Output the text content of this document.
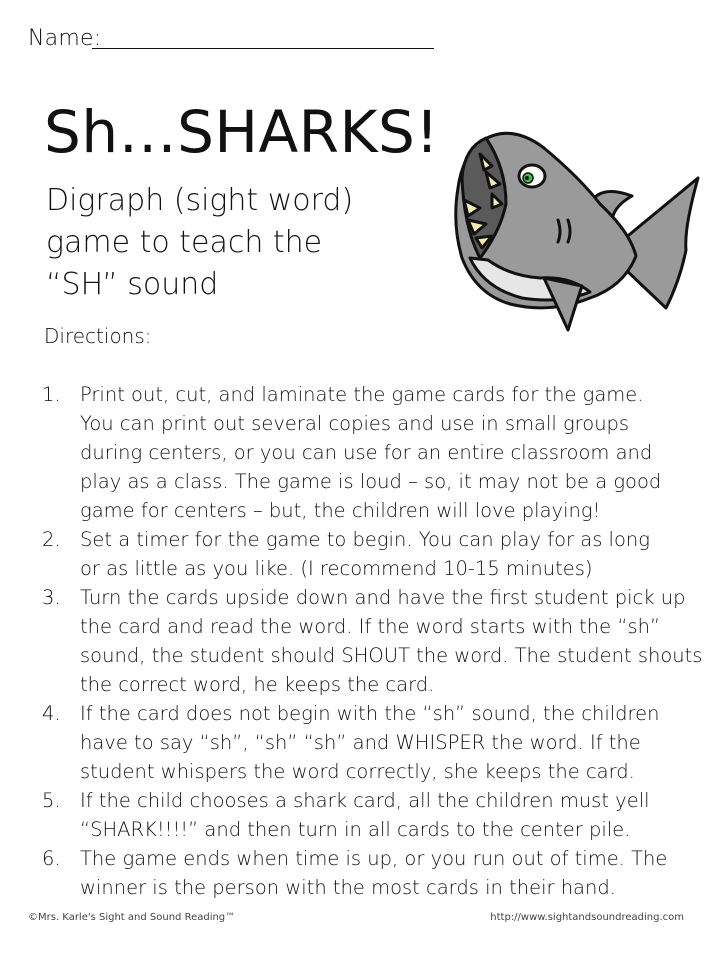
Name:
Sh…SHARKS!
Digraph (sight word)
game to teach the
“SH” sound
Directions:
1. Print out, cut, and laminate the game cards for the game.
You can print out several copies and use in small groups
during centers, or you can use for an entire classroom and
play as a class. The game is loud – so, it may not be a good
game for centers – but, the children will love playing!
2. Set a timer for the game to begin. You can play for as long
or as little as you like. (I recommend 10-15 minutes)
3. Turn the cards upside down and have the first student pick up
the card and read the word. If the word starts with the “sh”
sound, the student should SHOUT the word. The student shouts
the correct word, he keeps the card.
4. If the card does not begin with the “sh” sound, the children
have to say “sh”, “sh” “sh” and WHISPER the word. If the
student whispers the word correctly, she keeps the card.
5. If the child chooses a shark card, all the children must yell
“SHARK!!!!” and then turn in all cards to the center pile.
6. The game ends when time is up, or you run out of time. The
winner is the person with the most cards in their hand.
©Mrs. Karle's Sight and Sound Reading™	http://www.sightandsoundreading.com
